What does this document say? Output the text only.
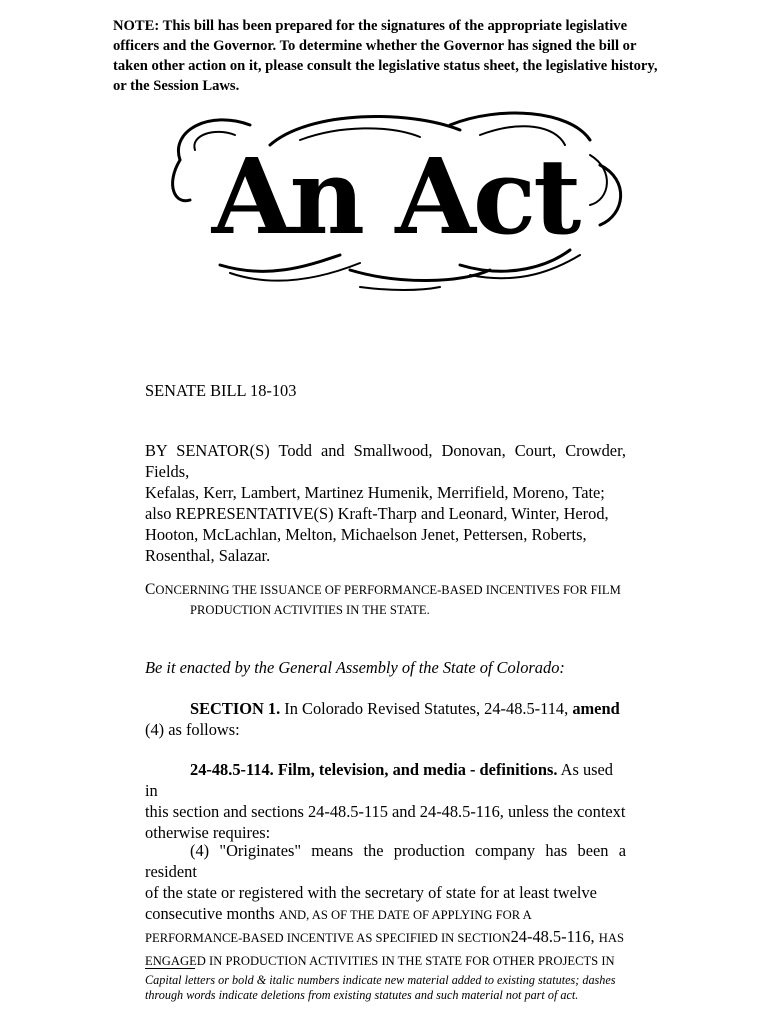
NOTE: This bill has been prepared for the signatures of the appropriate legislative officers and the Governor. To determine whether the Governor has signed the bill or taken other action on it, please consult the legislative status sheet, the legislative history, or the Session Laws.
An Act
SENATE BILL 18-103
BY SENATOR(S) Todd and Smallwood, Donovan, Court, Crowder, Fields,
Kefalas, Kerr, Lambert, Martinez Humenik, Merrifield, Moreno, Tate;
also REPRESENTATIVE(S) Kraft-Tharp and Leonard, Winter, Herod,
Hooton, McLachlan, Melton, Michaelson Jenet, Pettersen, Roberts,
Rosenthal, Salazar.
CONCERNING THE ISSUANCE OF PERFORMANCE-BASED INCENTIVES FOR FILM
PRODUCTION ACTIVITIES IN THE STATE.
Be it enacted by the General Assembly of the State of Colorado:
SECTION 1. In Colorado Revised Statutes, 24-48.5-114, amend
(4) as follows:
24-48.5-114. Film, television, and media - definitions. As used in
this section and sections 24-48.5-115 and 24-48.5-116, unless the context
otherwise requires:
(4) "Originates" means the production company has been a resident
of the state or registered with the secretary of state for at least twelve
consecutive months AND, AS OF THE DATE OF APPLYING FOR A
PERFORMANCE-BASED INCENTIVE AS SPECIFIED IN SECTION24-48.5-116, HAS
ENGAGED IN PRODUCTION ACTIVITIES IN THE STATE FOR OTHER PROJECTS IN
Capital letters or bold & italic numbers indicate new material added to existing statutes; dashes
through words indicate deletions from existing statutes and such material not part of act.
